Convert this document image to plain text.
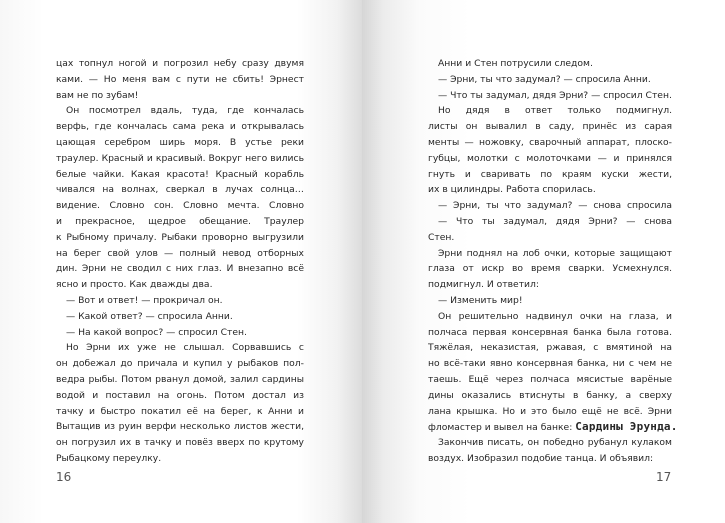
цах топнул ногой и погрозил небу сразу двумя
ками. — Но меня вам с пути не сбить! Эрнест
вам не по зубам!
Он посмотрел вдаль, туда, где кончалась
верфь, где кончалась сама река и открывалась
цающая серебром ширь моря. В устье реки
траулер. Красный и красивый. Вокруг него вились
белые чайки. Какая красота! Красный корабль
чивался на волнах, сверкал в лучах солнца…
видение. Словно сон. Словно мечта. Словно
и прекрасное, щедрое обещание. Траулер
к Рыбному причалу. Рыбаки проворно выгрузили
на берег свой улов — полный невод отборных
дин. Эрни не сводил с них глаз. И внезапно всё
ясно и просто. Как дважды два.
— Вот и ответ! — прокричал он.
— Какой ответ? — спросила Анни.
— На какой вопрос? — спросил Стен.
Но Эрни их уже не слышал. Сорвавшись с
он добежал до причала и купил у рыбаков пол-
ведра рыбы. Потом рванул домой, залил сардины
водой и поставил на огонь. Потом достал из
тачку и быстро покатил её на берег, к Анни и
Вытащив из руин верфи несколько листов жести,
он погрузил их в тачку и повёз вверх по крутому
Рыбацкому переулку.
16
Анни и Стен потрусили следом.
— Эрни, ты что задумал? — спросила Анни.
— Что ты задумал, дядя Эрни? — спросил Стен.
Но дядя в ответ только подмигнул.
листы он вывалил в саду, принёс из сарая
менты — ножовку, сварочный аппарат, плоско-
губцы, молотки с молоточками — и принялся
гнуть и сваривать по краям куски жести,
их в цилиндры. Работа спорилась.
— Эрни, ты что задумал? — снова спросила
— Что ты задумал, дядя Эрни? — снова
Стен.
Эрни поднял на лоб очки, которые защищают
глаза от искр во время сварки. Усмехнулся.
подмигнул. И ответил:
— Изменить мир!
Он решительно надвинул очки на глаза, и
полчаса первая консервная банка была готова.
Тяжёлая, неказистая, ржавая, с вмятиной на
но всё-таки явно консервная банка, ни с чем не
таешь. Ещё через полчаса мясистые варёные
дины оказались втиснуты в банку, а сверху
лана крышка. Но и это было ещё не всё. Эрни
фломастер и вывел на банке: Сардины Эрунда.
Закончив писать, он победно рубанул кулаком
воздух. Изобразил подобие танца. И объявил:
17
